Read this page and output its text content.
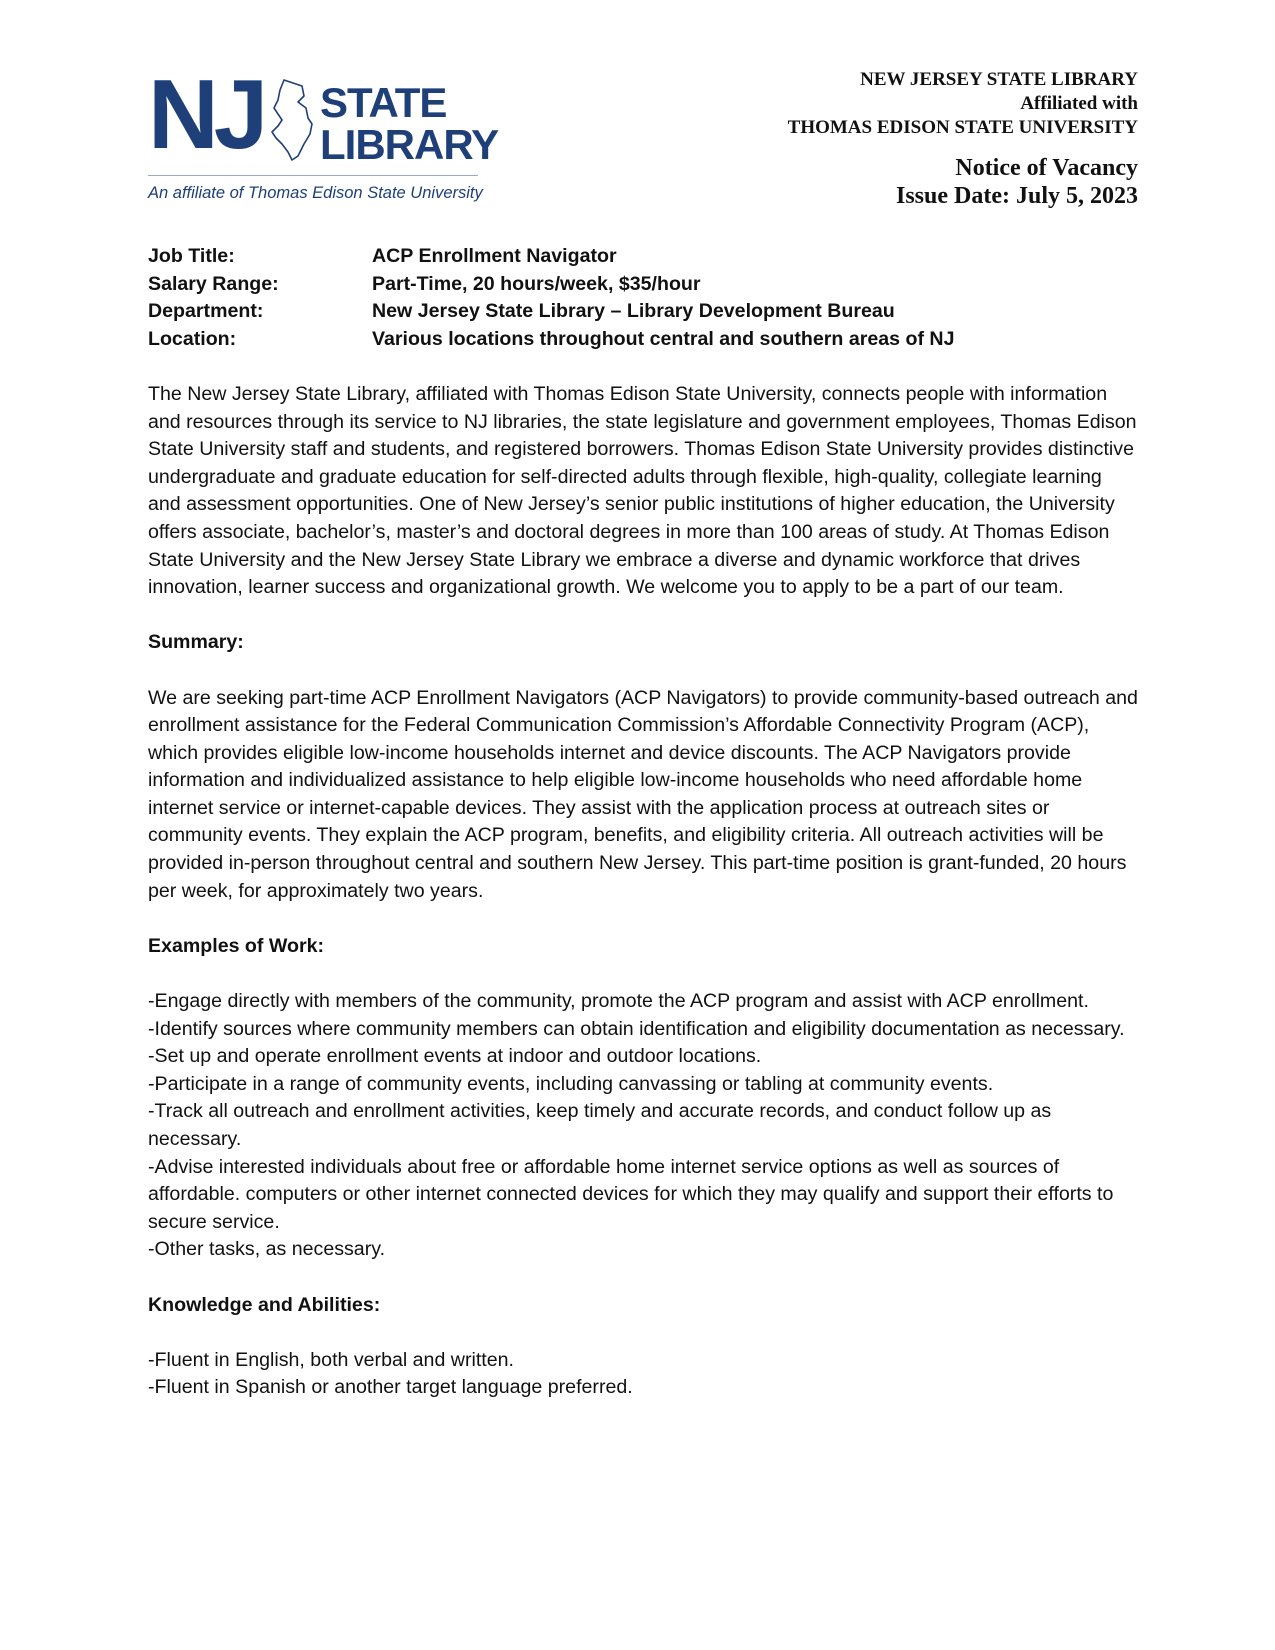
NJ STATE
LIBRARY
An affiliate of Thomas Edison State University
NEW JERSEY STATE LIBRARY
Affiliated with
THOMAS EDISON STATE UNIVERSITY
Notice of Vacancy
Issue Date: July 5, 2023
Job Title:	ACP Enrollment Navigator
Salary Range:	Part-Time, 20 hours/week, $35/hour
Department:	New Jersey State Library – Library Development Bureau
Location:	Various locations throughout central and southern areas of NJ

The New Jersey State Library, affiliated with Thomas Edison State University, connects people with information and resources through its service to NJ libraries, the state legislature and government employees, Thomas Edison State University staff and students, and registered borrowers. Thomas Edison State University provides distinctive undergraduate and graduate education for self-directed adults through flexible, high-quality, collegiate learning and assessment opportunities. One of New Jersey’s senior public institutions of higher education, the University offers associate, bachelor’s, master’s and doctoral degrees in more than 100 areas of study. At Thomas Edison State University and the New Jersey State Library we embrace a diverse and dynamic workforce that drives innovation, learner success and organizational growth. We welcome you to apply to be a part of our team.

Summary:

We are seeking part-time ACP Enrollment Navigators (ACP Navigators) to provide community-based outreach and enrollment assistance for the Federal Communication Commission’s Affordable Connectivity Program (ACP), which provides eligible low-income households internet and device discounts. The ACP Navigators provide information and individualized assistance to help eligible low-income households who need affordable home internet service or internet-capable devices. They assist with the application process at outreach sites or community events. They explain the ACP program, benefits, and eligibility criteria. All outreach activities will be provided in-person throughout central and southern New Jersey. This part-time position is grant-funded, 20 hours per week, for approximately two years.

Examples of Work:
-Engage directly with members of the community, promote the ACP program and assist with ACP enrollment.
-Identify sources where community members can obtain identification and eligibility documentation as necessary.
-Set up and operate enrollment events at indoor and outdoor locations.
-Participate in a range of community events, including canvassing or tabling at community events.
-Track all outreach and enrollment activities, keep timely and accurate records, and conduct follow up as necessary.
-Advise interested individuals about free or affordable home internet service options as well as sources of affordable. computers or other internet connected devices for which they may qualify and support their efforts to secure service.
-Other tasks, as necessary.
Knowledge and Abilities:
-Fluent in English, both verbal and written.
-Fluent in Spanish or another target language preferred.
